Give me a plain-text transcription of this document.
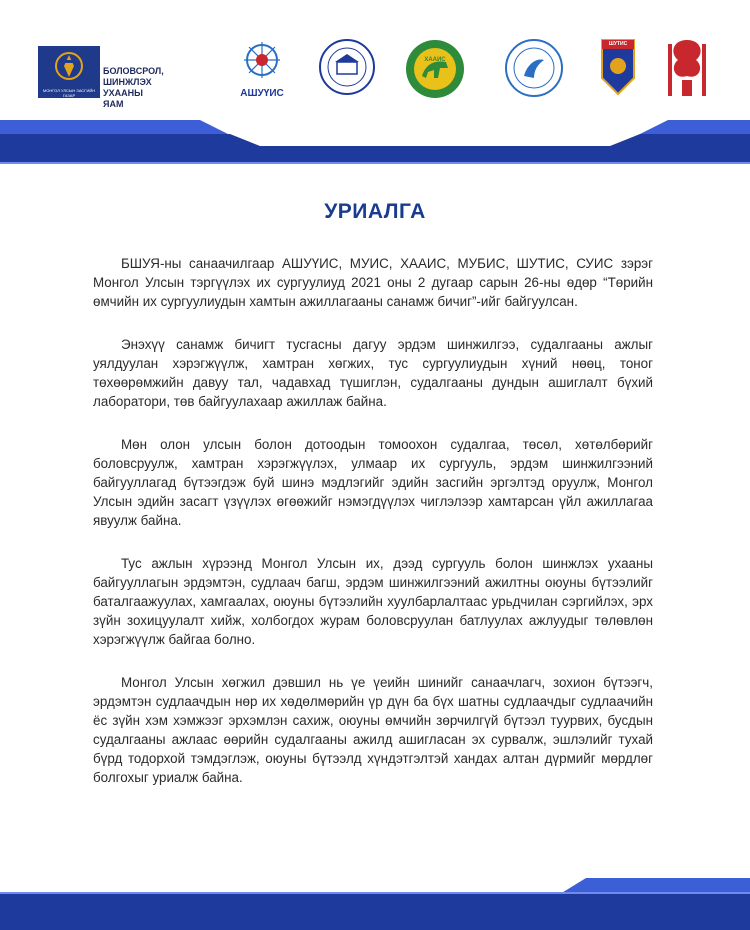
МОНГОЛ УЛСЫН ЗАСГИЙН ГАЗАР
БОЛОВСРОЛ,
ШИНЖЛЭХ УХААНЫ
ЯАМ
АШУҮИС
ХААИС
ШУТИС
УРИАЛГА

БШУЯ-ны санаачилгаар АШУҮИС, МУИС, ХААИС, МУБИС, ШУТИС, СУИС зэрэг Монгол Улсын тэргүүлэх их сургуулиуд 2021 оны 2 дугаар сарын 26-ны өдөр “Төрийн өмчийн их сургуулиудын хамтын ажиллагааны санамж бичиг”-ийг байгуулсан.

Энэхүү санамж бичигт тусгасны дагуу эрдэм шинжилгээ, судалгааны ажлыг уялдуулан хэрэгжүүлж, хамтран хөгжих, тус сургуулиудын хүний нөөц, тоног төхөөрөмжийн давуу тал, чадавхад түшиглэн, судалгааны дундын ашиглалт бүхий лаборатори, төв байгуулахаар ажиллаж байна.

Мөн олон улсын болон дотоодын томоохон судалгаа, төсөл, хөтөлбөрийг боловсруулж, хамтран хэрэгжүүлэх, улмаар их сургууль, эрдэм шинжилгээний байгууллагад бүтээгдэж буй шинэ мэдлэгийг эдийн засгийн эргэлтэд оруулж, Монгол Улсын эдийн засагт үзүүлэх өгөөжийг нэмэгдүүлэх чиглэлээр хамтарсан үйл ажиллагаа явуулж байна.

Тус ажлын хүрээнд Монгол Улсын их, дээд сургууль болон шинжлэх ухааны байгууллагын эрдэмтэн, судлаач багш, эрдэм шинжилгээний ажилтны оюуны бүтээлийг баталгаажуулах, хамгаалах, оюуны бүтээлийн хуулбарлалтаас урьдчилан сэргийлэх, эрх зүйн зохицуулалт хийж, холбогдох журам боловсруулан батлуулах ажлуудыг төлөвлөн хэрэгжүүлж байгаа болно.

Монгол Улсын хөгжил дэвшил нь үе үеийн шинийг санаачлагч, зохион бүтээгч, эрдэмтэн судлаачдын нөр их хөдөлмөрийн үр дүн ба бүх шатны судлаачдыг судлаачийн ёс зүйн хэм хэмжээг эрхэмлэн сахиж, оюуны өмчийн зөрчилгүй бүтээл туурвих, бусдын судалгааны ажлаас өөрийн судалгааны ажилд ашигласан эх сурвалж, эшлэлийг тухай бүрд тодорхой тэмдэглэж, оюуны бүтээлд хүндэтгэлтэй хандах алтан дүрмийг мөрдлөг болгохыг уриалж байна.
